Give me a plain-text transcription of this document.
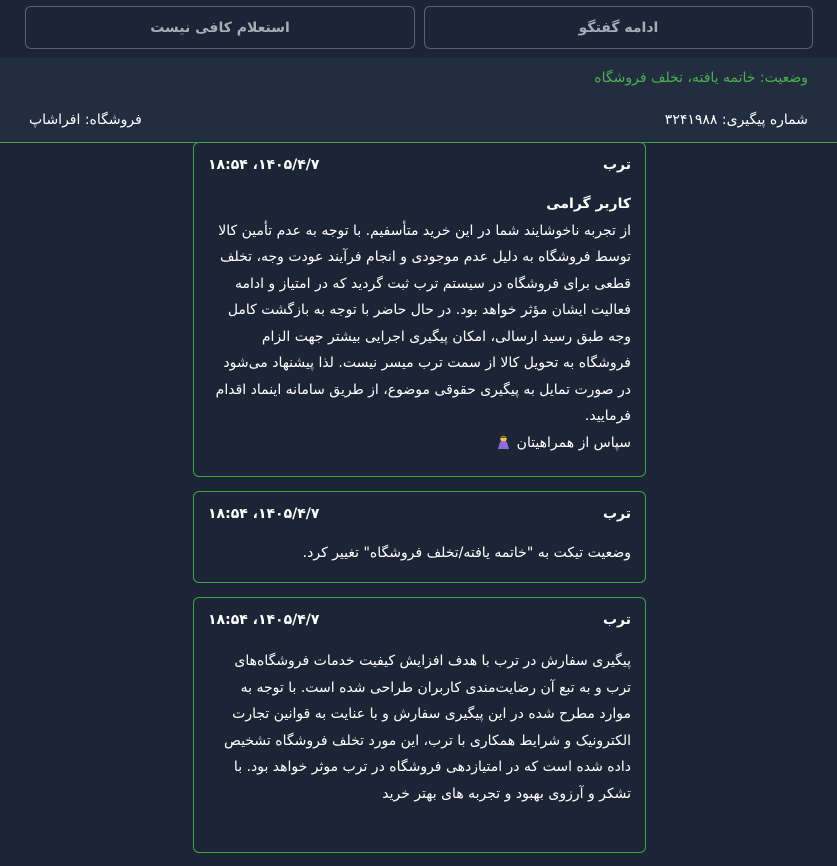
ادامه گفتگو
استعلام کافی نیست
وضعیت: خاتمه یافته، تخلف فروشگاه
شماره پیگیری: ۳۲۴۱۹۸۸
فروشگاه: افراشاپ
ترب
۱۸:۵۴ ،۱۴۰۵/۴/۷
کاربر گرامی
از تجربه ناخوشایند شما در این خرید متأسفیم. با توجه به عدم تأمین کالا توسط فروشگاه به دلیل عدم موجودی و انجام فرآیند عودت وجه، تخلف قطعی برای فروشگاه در سیستم ترب ثبت گردید که در امتیاز و ادامه فعالیت ایشان مؤثر خواهد بود. در حال حاضر با توجه به بازگشت کامل وجه طبق رسید ارسالی، امکان پیگیری اجرایی بیشتر جهت الزام فروشگاه به تحویل کالا از سمت ترب میسر نیست. لذا پیشنهاد می‌شود در صورت تمایل به پیگیری حقوقی موضوع، از طریق سامانه اینماد اقدام فرمایید.
سپاس از همراهیتان
ترب
۱۸:۵۴ ،۱۴۰۵/۴/۷
وضعیت تیکت به "خاتمه یافته/تخلف فروشگاه" تغییر کرد.
ترب
۱۸:۵۴ ،۱۴۰۵/۴/۷
پیگیری سفارش در ترب با هدف افزایش کیفیت خدمات فروشگاه‌های ترب و به تبع آن رضایت‌مندی کاربران طراحی شده است. با توجه به موارد مطرح شده در این پیگیری سفارش و با عنایت به قوانین تجارت الکترونیک و شرایط همکاری با ترب، این مورد تخلف فروشگاه تشخیص داده شده است که در امتیازدهی فروشگاه در ترب موثر خواهد بود. با تشکر و آرزوی بهبود و تجربه های بهتر خرید
